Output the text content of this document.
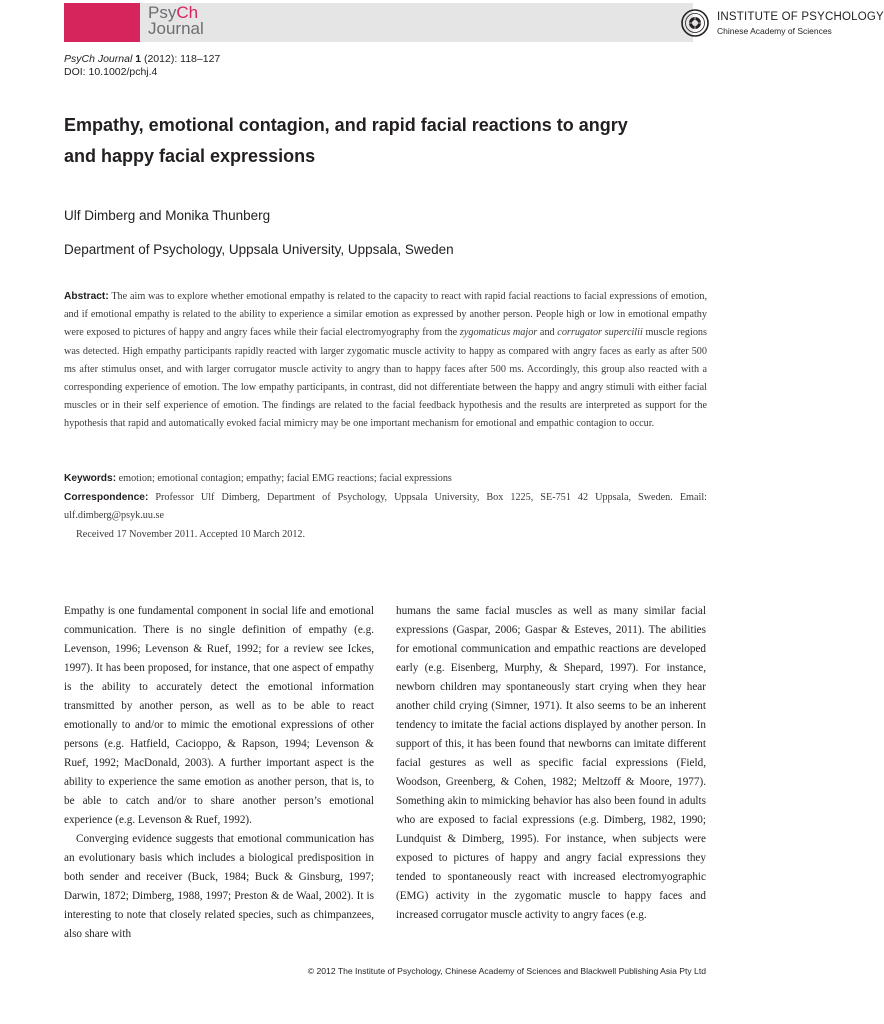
PsyCh
Journal
INSTITUTE OF PSYCHOLOGY
Chinese Academy of Sciences
PsyCh Journal 1 (2012): 118–127
DOI: 10.1002/pchj.4
Empathy, emotional contagion, and rapid facial reactions to angry
and happy facial expressions
Ulf Dimberg and Monika Thunberg
Department of Psychology, Uppsala University, Uppsala, Sweden
Abstract: The aim was to explore whether emotional empathy is related to the capacity to react with rapid facial reactions to facial expressions of emotion, and if emotional empathy is related to the ability to experience a similar emotion as expressed by another person. People high or low in emotional empathy were exposed to pictures of happy and angry faces while their facial electromyography from the zygomaticus major and corrugator supercilii muscle regions was detected. High empathy participants rapidly reacted with larger zygomatic muscle activity to happy as compared with angry faces as early as after 500 ms after stimulus onset, and with larger corrugator muscle activity to angry than to happy faces after 500 ms. Accordingly, this group also reacted with a corresponding experience of emotion. The low empathy participants, in contrast, did not differentiate between the happy and angry stimuli with either facial muscles or in their self experience of emotion. The findings are related to the facial feedback hypothesis and the results are interpreted as support for the hypothesis that rapid and automatically evoked facial mimicry may be one important mechanism for emotional and empathic contagion to occur.

Keywords: emotion; emotional contagion; empathy; facial EMG reactions; facial expressions

Correspondence: Professor Ulf Dimberg, Department of Psychology, Uppsala University, Box 1225, SE-751 42 Uppsala, Sweden. Email: ulf.dimberg@psyk.uu.se

Received 17 November 2011. Accepted 10 March 2012.

Empathy is one fundamental component in social life and emotional communication. There is no single definition of empathy (e.g. Levenson, 1996; Levenson & Ruef, 1992; for a review see Ickes, 1997). It has been proposed, for instance, that one aspect of empathy is the ability to accurately detect the emotional information transmitted by another person, as well as to be able to react emotionally to and/or to mimic the emotional expressions of other persons (e.g. Hatfield, Cacioppo, & Rapson, 1994; Levenson & Ruef, 1992; MacDonald, 2003). A further important aspect is the ability to experience the same emotion as another person, that is, to be able to catch and/or to share another person’s emotional experience (e.g. Levenson & Ruef, 1992).

Converging evidence suggests that emotional communication has an evolutionary basis which includes a biological predisposition in both sender and receiver (Buck, 1984; Buck & Ginsburg, 1997; Darwin, 1872; Dimberg, 1988, 1997; Preston & de Waal, 2002). It is interesting to note that closely related species, such as chimpanzees, also share with

humans the same facial muscles as well as many similar facial expressions (Gaspar, 2006; Gaspar & Esteves, 2011). The abilities for emotional communication and empathic reactions are developed early (e.g. Eisenberg, Murphy, & Shepard, 1997). For instance, newborn children may spontaneously start crying when they hear another child crying (Simner, 1971). It also seems to be an inherent tendency to imitate the facial actions displayed by another person. In support of this, it has been found that newborns can imitate different facial gestures as well as specific facial expressions (Field, Woodson, Greenberg, & Cohen, 1982; Meltzoff & Moore, 1977). Something akin to mimicking behavior has also been found in adults who are exposed to facial expressions (e.g. Dimberg, 1982, 1990; Lundquist & Dimberg, 1995). For instance, when subjects were exposed to pictures of happy and angry facial expressions they tended to spontaneously react with increased electromyographic (EMG) activity in the zygomatic muscle to happy faces and increased corrugator muscle activity to angry faces (e.g.

© 2012 The Institute of Psychology, Chinese Academy of Sciences and Blackwell Publishing Asia Pty Ltd
